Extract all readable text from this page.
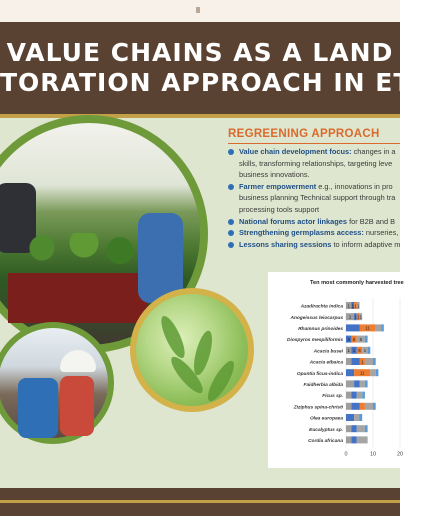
VALUE CHAINS AS A LAND
TORATION APPROACH IN ETH
REGREENING APPROACH
Value chain development focus: changes in a
skills, transforming relationships, targeting leve
business innovations.
Farmer empowerment e.g., innovations in pro
business planning Technical support through tra
processing tools support
National forums actor linkages for B2B and B
Strengthening germplasms access: nurseries,
Lessons sharing sessions to inform adaptive m
Ten most commonly harvested tree
0	10	20
Azadirachta indica 1 1 1 1
Anogeissus leiocarpus 1 1 1 1
Rhamnus prinoides	11
Diospyros mespiliformis 8 8 8
Acacia busei 1 1 6 1
Acacia etbaica	1
Opuntia ficus-indica	11
Faidherbia albida
Ficus sp.
Ziziphus spina-christi
Olea europaea
Eucalyptus sp.
Cordia africana
